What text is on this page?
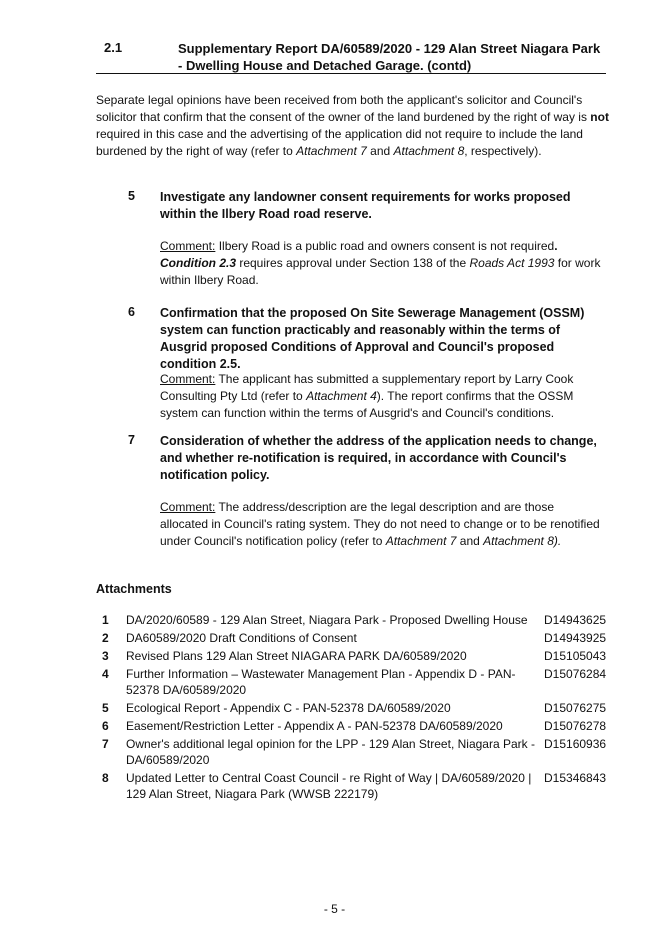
2.1	Supplementary Report DA/60589/2020 - 129 Alan Street Niagara Park - Dwelling House and Detached Garage. (contd)
Separate legal opinions have been received from both the applicant's solicitor and Council's solicitor that confirm that the consent of the owner of the land burdened by the right of way is not required in this case and the advertising of the application did not require to include the land burdened by the right of way (refer to Attachment 7 and Attachment 8, respectively).
5 Investigate any landowner consent requirements for works proposed within the Ilbery Road road reserve.
Comment: Ilbery Road is a public road and owners consent is not required.
Condition 2.3 requires approval under Section 138 of the Roads Act 1993 for work within Ilbery Road.
6 Confirmation that the proposed On Site Sewerage Management (OSSM) system can function practicably and reasonably within the terms of Ausgrid proposed Conditions of Approval and Council's proposed condition 2.5.
Comment: The applicant has submitted a supplementary report by Larry Cook Consulting Pty Ltd (refer to Attachment 4). The report confirms that the OSSM system can function within the terms of Ausgrid's and Council's conditions.
7 Consideration of whether the address of the application needs to change, and whether re-notification is required, in accordance with Council's notification policy.
Comment: The address/description are the legal description and are those allocated in Council's rating system. They do not need to change or to be renotified under Council's notification policy (refer to Attachment 7 and Attachment 8).
Attachments
1	DA/2020/60589 - 129 Alan Street, Niagara Park - Proposed Dwelling House	D14943625
2	DA60589/2020 Draft Conditions of Consent	D14943925
3	Revised Plans 129 Alan Street NIAGARA PARK DA/60589/2020	D15105043
4	Further Information – Wastewater Management Plan - Appendix D - PAN-52378 DA/60589/2020	D15076284
5	Ecological Report - Appendix C - PAN-52378 DA/60589/2020	D15076275
6	Easement/Restriction Letter - Appendix A - PAN-52378 DA/60589/2020	D15076278
7	Owner's additional legal opinion for the LPP - 129 Alan Street, Niagara Park - DA/60589/2020	D15160936
8	Updated Letter to Central Coast Council - re Right of Way | DA/60589/2020 | 129 Alan Street, Niagara Park (WWSB 222179)	D15346843
- 5 -
